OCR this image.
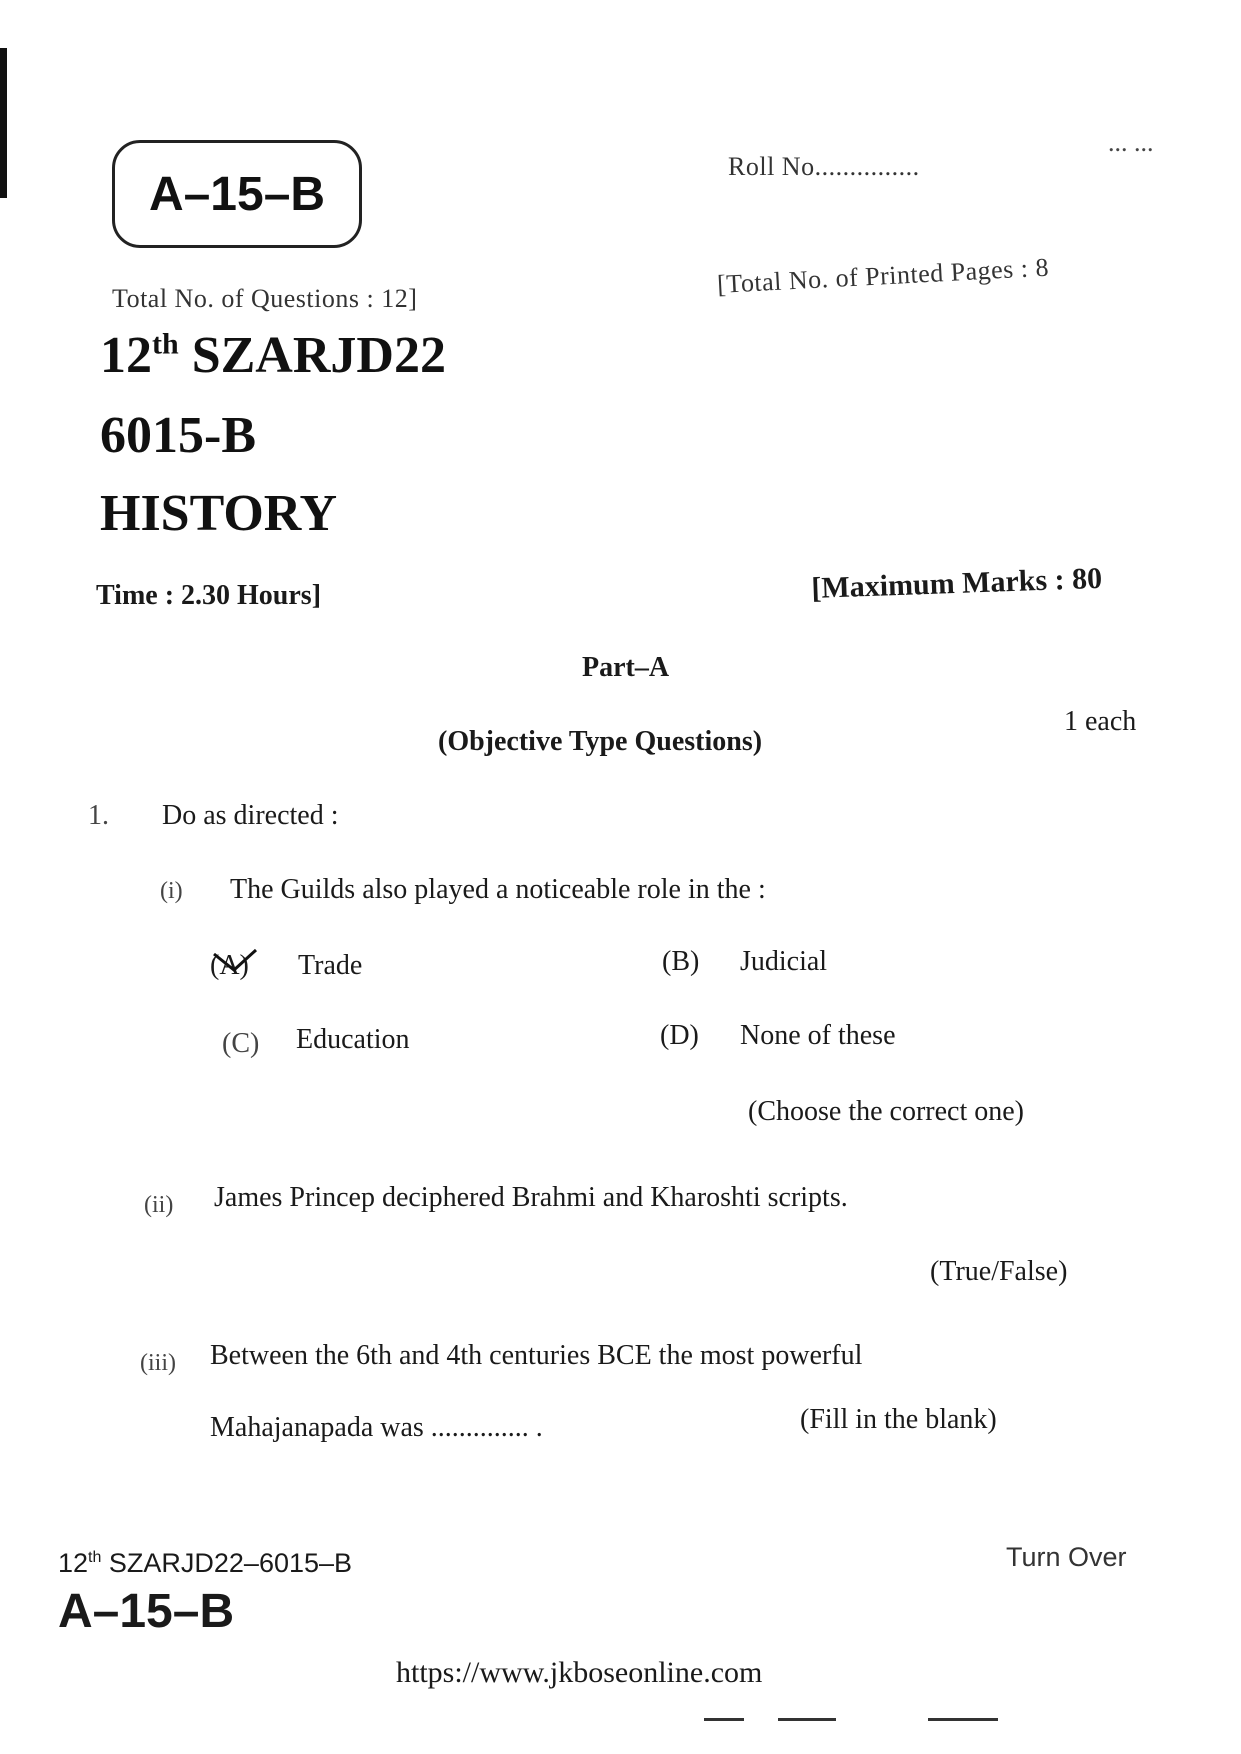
A–15–B
Roll No...............
... ...
Total No. of Questions : 12]	[Total No. of Printed Pages : 8
12th SZARJD22
6015-B
HISTORY
Time : 2.30 Hours]	[Maximum Marks : 80
Part–A
(Objective Type Questions)
1 each
1. Do as directed :
(i) The Guilds also played a noticeable role in the :
(A) Trade	(B) Judicial
(C) Education	(D) None of these
(Choose the correct one)
(ii) James Princep deciphered Brahmi and Kharoshti scripts.
(True/False)
(iii) Between the 6th and 4th centuries BCE the most powerful
Mahajanapada was .............. .	(Fill in the blank)
12th SZARJD22–6015–B
A–15–B
Turn Over
https://www.jkboseonline.com
